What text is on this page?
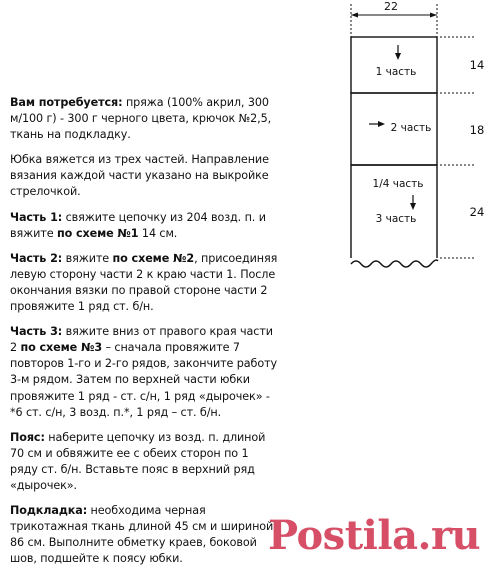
22
1 часть
2 часть
1/4 часть
3 часть
14
18
24

Вам потребуется: пряжа (100% акрил, 300 м/100 г) - 300 г черного цвета, крючок №2,5, ткань на подкладку.

Юбка вяжется из трех частей. Направление вязания каждой части указано на выкройке стрелочкой.

Часть 1: свяжите цепочку из 204 возд. п. и вяжите по схеме №1 14 см.

Часть 2: вяжите по схеме №2, присоединяя левую сторону части 2 к краю части 1. После окончания вязки по правой стороне части 2 провяжите 1 ряд ст. б/н.

Часть 3: вяжите вниз от правого края части 2 по схеме №3 – сначала провяжите 7 повторов 1-го и 2-го рядов, закончите работу 3-м рядом. Затем по верхней части юбки провяжите 1 ряд - ст. с/н, 1 ряд «дырочек» - *6 ст. с/н, 3 возд. п.*, 1 ряд – ст. б/н.

Пояс: наберите цепочку из возд. п. длиной 70 см и обвяжите ее с обеих сторон по 1 ряду ст. б/н. Вставьте пояс в верхний ряд «дырочек».

Подкладка: необходима черная трикотажная ткань длиной 45 см и шириной 86 см. Выполните обметку краев, боковой шов, подшейте к поясу юбки.	Postila.ru
